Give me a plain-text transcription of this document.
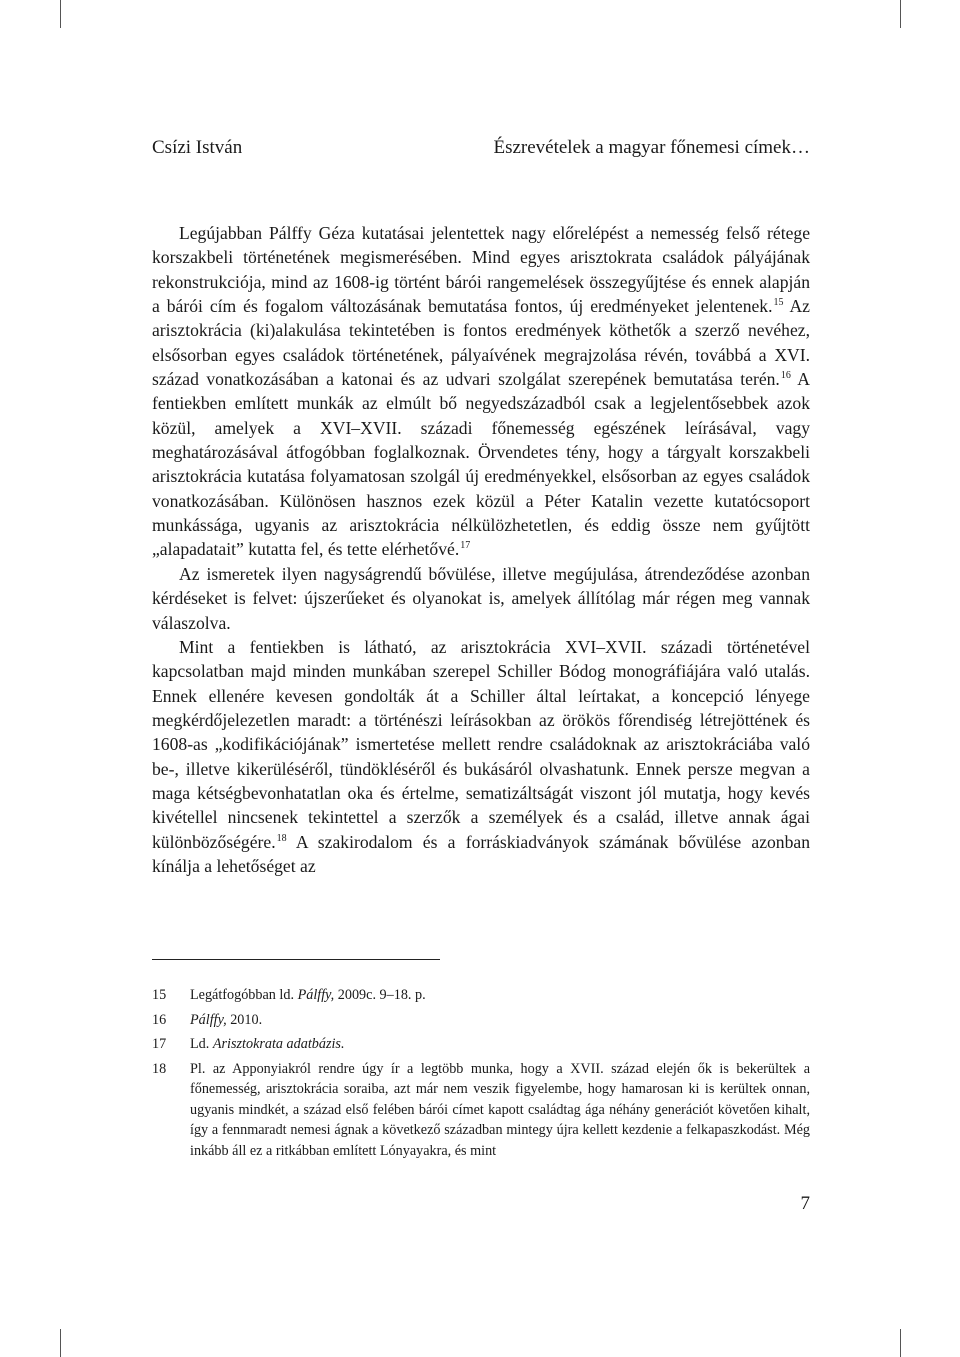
Csízi István	Észrevételek a magyar főnemesi címek…

Legújabban Pálffy Géza kutatásai jelentettek nagy előrelépést a nemesség felső rétege korszakbeli történetének megismerésében. Mind egyes arisztokrata családok pályájának rekonstrukciója, mind az 1608-ig történt bárói rangemelések összegyűjtése és ennek alapján a bárói cím és fogalom változásának bemutatása fontos, új eredményeket jelentenek.$^{15}$ Az arisztokrácia (ki)alakulása tekintetében is fontos eredmények köthetők a szerző nevéhez, elsősorban egyes családok történetének, pályaívének megrajzolása révén, továbbá a XVI. század vonatkozásában a katonai és az udvari szolgálat szerepének bemutatása terén.$^{16}$ A fentiekben említett munkák az elmúlt bő negyedszázadból csak a legjelentősebbek azok közül, amelyek a XVI–XVII. századi főnemesség egészének leírásával, vagy meghatározásával átfogóbban foglalkoznak. Örvendetes tény, hogy a tárgyalt korszakbeli arisztokrácia kutatása folyamatosan szolgál új eredményekkel, elsősorban az egyes családok vonatkozásában. Különösen hasznos ezek közül a Péter Katalin vezette kutatócsoport munkássága, ugyanis az arisztokrácia nélkülözhetetlen, és eddig össze nem gyűjtött „alapadatait” kutatta fel, és tette elérhetővé.$^{17}$

Az ismeretek ilyen nagyságrendű bővülése, illetve megújulása, átrendeződése azonban kérdéseket is felvet: újszerűeket és olyanokat is, amelyek állítólag már régen meg vannak válaszolva.

Mint a fentiekben is látható, az arisztokrácia XVI–XVII. századi történetével kapcsolatban majd minden munkában szerepel Schiller Bódog monográfiájára való utalás. Ennek ellenére kevesen gondolták át a Schiller által leírtakat, a koncepció lényege megkérdőjelezetlen maradt: a történészi leírásokban az örökös főrendiség létrejöttének és 1608-as „kodifikációjának” ismertetése mellett rendre családoknak az arisztokráciába való be-, illetve kikerüléséről, tündökléséről és bukásáról olvashatunk. Ennek persze megvan a maga kétségbevonhatatlan oka és értelme, sematizáltságát viszont jól mutatja, hogy kevés kivétellel nincsenek tekintettel a szerzők a személyek és a család, illetve annak ágai különbözőségére.$^{18}$ A szakirodalom és a forráskiadványok számának bővülése azonban kínálja a lehetőséget az

15	Legátfogóbban ld. Pálffy, 2009c. 9–18. p.
16	Pálffy, 2010.
17	Ld. Arisztokrata adatbázis.
18	Pl. az Apponyiakról rendre úgy ír a legtöbb munka, hogy a XVII. század elején ők is bekerültek a főnemesség, arisztokrácia soraiba, azt már nem veszik figyelembe, hogy hamarosan ki is kerültek onnan, ugyanis mindkét, a század első felében bárói címet kapott családtag ága néhány generációt követően kihalt, így a fennmaradt nemesi ágnak a következő században mintegy újra kellett kezdenie a felkapaszkodást. Még inkább áll ez a ritkábban említett Lónyayakra, és mint
7
